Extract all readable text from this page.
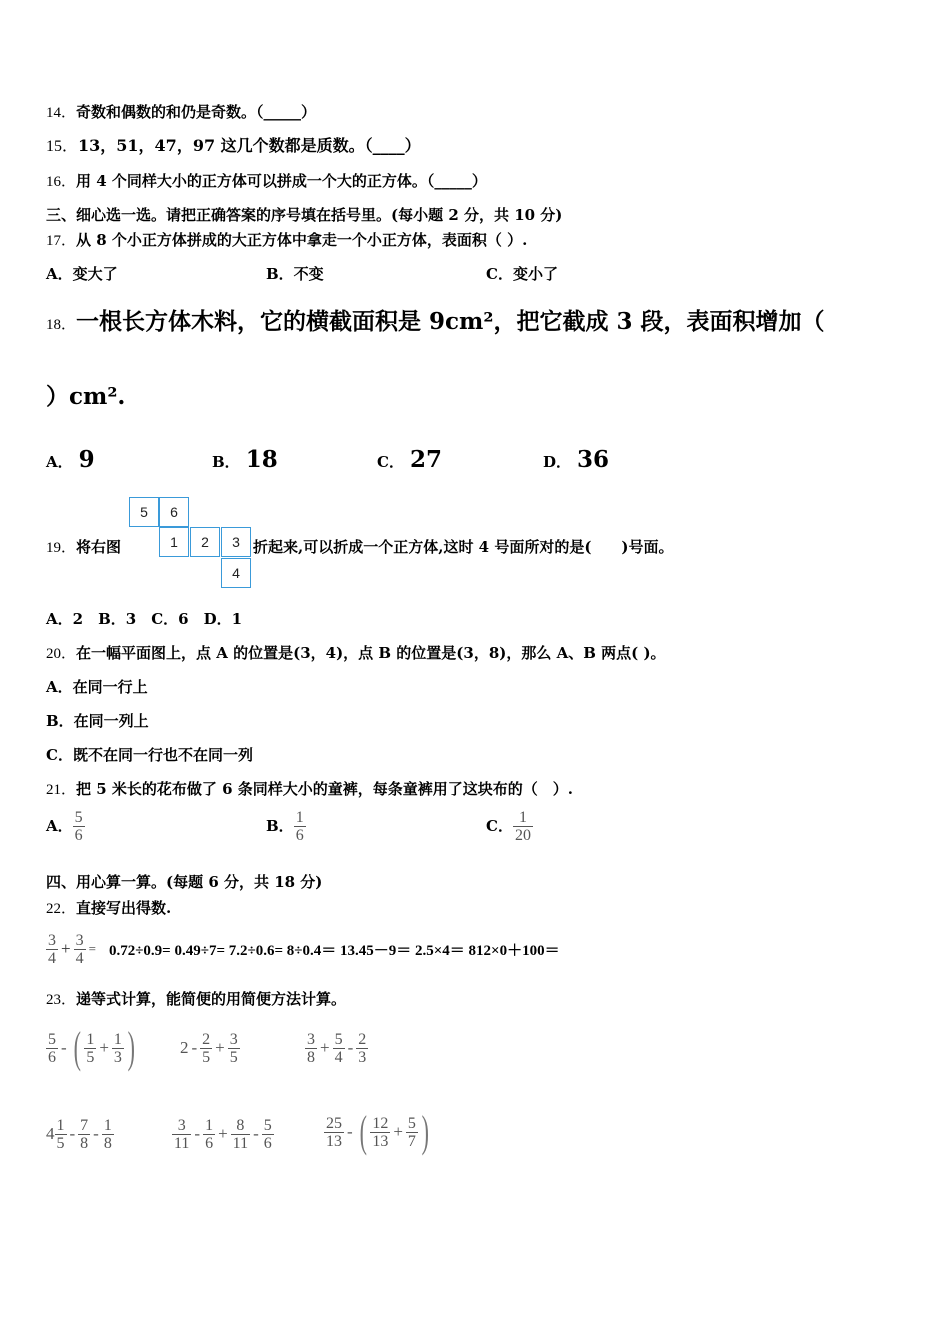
14．奇数和偶数的和仍是奇数。（_____）
15．13，51，47，97 这几个数都是质数。（____）
16．用 4 个同样大小的正方体可以拼成一个大的正方体。（_____）
三、细心选一选。请把正确答案的序号填在括号里。(每小题 2 分，共 10 分)
17．从 8 个小正方体拼成的大正方体中拿走一个小正方体，表面积（ ）.
A．变大了	B．不变	C．变小了
18．一根长方体木料，它的横截面积是 9cm²，把它截成 3 段，表面积增加（
）cm².
A． 9	B． 18	C． 27	D． 36
19．将右图
5	6
1	2	3
4
折起来,可以折成一个正方体,这时 4 号面所对的是(　　)号面。
A．2　B．3　C．6　D．1
20．在一幅平面图上，点 A 的位置是(3，4)，点 B 的位置是(3，8)，那么 A、B 两点( )。
A．在同一行上
B．在同一列上
C．既不在同一行也不在同一列
21．把 5 米长的花布做了 6 条同样大小的童裤，每条童裤用了这块布的（　）.
A． $\frac{5}{6}$	B． $\frac{1}{6}$	C． $\frac{1}{20}$
四、用心算一算。(每题 6 分，共 18 分)
22．直接写出得数.
$\frac{3}{4} + \frac{3}{4} = 0.72\div 0.9= 0.49\div 7= 7.2\div 0.6= 8\div 0.4= 13.45-9= 2.5\times 4= 812\times 0+100=$
23．递等式计算，能简便的用简便方法计算。
$\frac{5}{6}$ - ( $\frac{1}{5} + \frac{1}{3}$ )	$2 - \frac{2}{5} + \frac{3}{5}$	$\frac{3}{8} + \frac{5}{4} - \frac{2}{3}$
$4 \frac{1}{5} - \frac{7}{8} - \frac{1}{8}$	$\frac{3}{11} - \frac{1}{6} + \frac{8}{11} - \frac{5}{6}$	$\frac{25}{13}$ - ( $\frac{12}{13} + \frac{5}{7}$ )
